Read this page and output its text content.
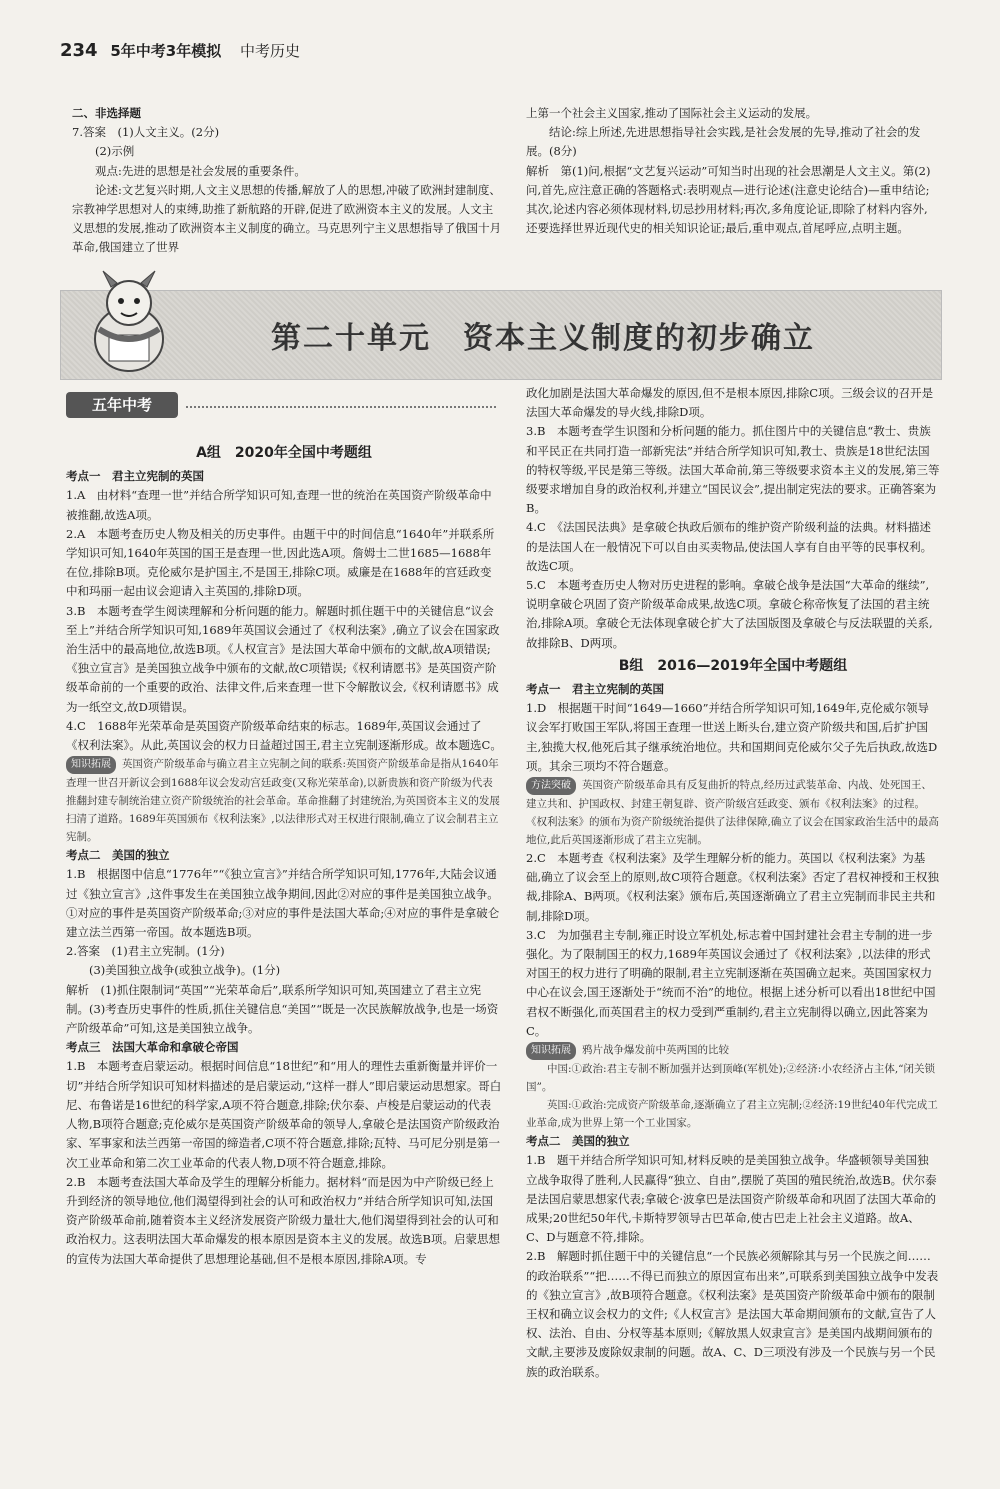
234 5年中考3年模拟 中考历史

二、非选择题

7.答案　(1)人文主义。(2分)

(2)示例

观点:先进的思想是社会发展的重要条件。

论述:文艺复兴时期,人文主义思想的传播,解放了人的思想,冲破了欧洲封建制度、宗教神学思想对人的束缚,助推了新航路的开辟,促进了欧洲资本主义的发展。人文主义思想的发展,推动了欧洲资本主义制度的确立。马克思列宁主义思想指导了俄国十月革命,俄国建立了世界

上第一个社会主义国家,推动了国际社会主义运动的发展。

结论:综上所述,先进思想指导社会实践,是社会发展的先导,推动了社会的发展。(8分)

解析　第(1)问,根据“文艺复兴运动”可知当时出现的社会思潮是人文主义。第(2)问,首先,应注意正确的答题格式:表明观点—进行论述(注意史论结合)—重申结论;其次,论述内容必须体现材料,切忌抄用材料;再次,多角度论证,即除了材料内容外,还要选择世界近现代史的相关知识论证;最后,重申观点,首尾呼应,点明主题。

第二十单元　资本主义制度的初步确立
五年中考
A组　2020年全国中考题组

考点一　君主立宪制的英国

1.A　由材料“查理一世”并结合所学知识可知,查理一世的统治在英国资产阶级革命中被推翻,故选A项。

2.A　本题考查历史人物及相关的历史事件。由题干中的时间信息“1640年”并联系所学知识可知,1640年英国的国王是查理一世,因此选A项。詹姆士二世1685—1688年在位,排除B项。克伦威尔是护国主,不是国王,排除C项。威廉是在1688年的宫廷政变中和玛丽一起由议会迎请入主英国的,排除D项。

3.B　本题考查学生阅读理解和分析问题的能力。解题时抓住题干中的关键信息“议会至上”并结合所学知识可知,1689年英国议会通过了《权利法案》,确立了议会在国家政治生活中的最高地位,故选B项。《人权宣言》是法国大革命中颁布的文献,故A项错误;《独立宣言》是美国独立战争中颁布的文献,故C项错误;《权利请愿书》是英国资产阶级革命前的一个重要的政治、法律文件,后来查理一世下令解散议会,《权利请愿书》成为一纸空文,故D项错误。

4.C　1688年光荣革命是英国资产阶级革命结束的标志。1689年,英国议会通过了《权利法案》。从此,英国议会的权力日益超过国王,君主立宪制逐渐形成。故本题选C。

知识拓展 英国资产阶级革命与确立君主立宪制之间的联系:英国资产阶级革命是指从1640年查理一世召开新议会到1688年议会发动宫廷政变(又称光荣革命),以新贵族和资产阶级为代表推翻封建专制统治建立资产阶级统治的社会革命。革命推翻了封建统治,为英国资本主义的发展扫清了道路。1689年英国颁布《权利法案》,以法律形式对王权进行限制,确立了议会制君主立宪制。

考点二　美国的独立

1.B　根据图中信息“1776年”“《独立宣言》”并结合所学知识可知,1776年,大陆会议通过《独立宣言》,这件事发生在美国独立战争期间,因此②对应的事件是美国独立战争。①对应的事件是英国资产阶级革命;③对应的事件是法国大革命;④对应的事件是拿破仑建立法兰西第一帝国。故本题选B项。

2.答案　(1)君主立宪制。(1分)

(3)美国独立战争(或独立战争)。(1分)

解析　(1)抓住限制词“英国”“光荣革命后”,联系所学知识可知,英国建立了君主立宪制。(3)考查历史事件的性质,抓住关键信息“美国”“既是一次民族解放战争,也是一场资产阶级革命”可知,这是美国独立战争。

考点三　法国大革命和拿破仑帝国

1.B　本题考查启蒙运动。根据时间信息“18世纪”和“用人的理性去重新衡量并评价一切”并结合所学知识可知材料描述的是启蒙运动,“这样一群人”即启蒙运动思想家。哥白尼、布鲁诺是16世纪的科学家,A项不符合题意,排除;伏尔泰、卢梭是启蒙运动的代表人物,B项符合题意;克伦威尔是英国资产阶级革命的领导人,拿破仑是法国资产阶级政治家、军事家和法兰西第一帝国的缔造者,C项不符合题意,排除;瓦特、马可尼分别是第一次工业革命和第二次工业革命的代表人物,D项不符合题意,排除。

2.B　本题考查法国大革命及学生的理解分析能力。据材料“而是因为中产阶级已经上升到经济的领导地位,他们渴望得到社会的认可和政治权力”并结合所学知识可知,法国资产阶级革命前,随着资本主义经济发展资产阶级力量壮大,他们渴望得到社会的认可和政治权力。这表明法国大革命爆发的根本原因是资本主义的发展。故选B项。启蒙思想的宣传为法国大革命提供了思想理论基础,但不是根本原因,排除A项。专

政化加剧是法国大革命爆发的原因,但不是根本原因,排除C项。三级会议的召开是法国大革命爆发的导火线,排除D项。

3.B　本题考查学生识图和分析问题的能力。抓住图片中的关键信息“教士、贵族和平民正在共同打造一部新宪法”并结合所学知识可知,教士、贵族是18世纪法国的特权等级,平民是第三等级。法国大革命前,第三等级要求资本主义的发展,第三等级要求增加自身的政治权利,并建立“国民议会”,提出制定宪法的要求。正确答案为B。

4.C　《法国民法典》是拿破仑执政后颁布的维护资产阶级利益的法典。材料描述的是法国人在一般情况下可以自由买卖物品,使法国人享有自由平等的民事权利。故选C项。

5.C　本题考查历史人物对历史进程的影响。拿破仑战争是法国“大革命的继续”,说明拿破仑巩固了资产阶级革命成果,故选C项。拿破仑称帝恢复了法国的君主统治,排除A项。拿破仑无法体现拿破仑扩大了法国版图及拿破仑与反法联盟的关系,故排除B、D两项。

B组　2016—2019年全国中考题组

考点一　君主立宪制的英国

1.D　根据题干时间“1649—1660”并结合所学知识可知,1649年,克伦威尔领导议会军打败国王军队,将国王查理一世送上断头台,建立资产阶级共和国,后扩护国主,独揽大权,他死后其子继承统治地位。共和国期间克伦威尔父子先后执政,故选D项。其余三项均不符合题意。

方法突破 英国资产阶级革命具有反复曲折的特点,经历过武装革命、内战、处死国王、建立共和、护国政权、封建王朝复辟、资产阶级宫廷政变、颁布《权利法案》的过程。《权利法案》的颁布为资产阶级统治提供了法律保障,确立了议会在国家政治生活中的最高地位,此后英国逐渐形成了君主立宪制。

2.C　本题考查《权利法案》及学生理解分析的能力。英国以《权利法案》为基础,确立了议会至上的原则,故C项符合题意。《权利法案》否定了君权神授和王权独裁,排除A、B两项。《权利法案》颁布后,英国逐渐确立了君主立宪制而非民主共和制,排除D项。

3.C　为加强君主专制,雍正时设立军机处,标志着中国封建社会君主专制的进一步强化。为了限制国王的权力,1689年英国议会通过了《权利法案》,以法律的形式对国王的权力进行了明确的限制,君主立宪制逐渐在英国确立起来。英国国家权力中心在议会,国王逐渐处于“统而不治”的地位。根据上述分析可以看出18世纪中国君权不断强化,而英国君主的权力受到严重制约,君主立宪制得以确立,因此答案为C。

知识拓展 鸦片战争爆发前中英两国的比较

中国:①政治:君主专制不断加强并达到顶峰(军机处);②经济:小农经济占主体,“闭关锁国”。

英国:①政治:完成资产阶级革命,逐渐确立了君主立宪制;②经济:19世纪40年代完成工业革命,成为世界上第一个工业国家。

考点二　美国的独立

1.B　题干并结合所学知识可知,材料反映的是美国独立战争。华盛顿领导美国独立战争取得了胜利,人民赢得“独立、自由”,摆脱了英国的殖民统治,故选B。伏尔泰是法国启蒙思想家代表;拿破仑·波拿巴是法国资产阶级革命和巩固了法国大革命的成果;20世纪50年代,卡斯特罗领导古巴革命,使古巴走上社会主义道路。故A、C、D与题意不符,排除。

2.B　解题时抓住题干中的关键信息“一个民族必须解除其与另一个民族之间……的政治联系”“把……不得已而独立的原因宣布出来”,可联系到美国独立战争中发表的《独立宣言》,故B项符合题意。《权利法案》是英国资产阶级革命中颁布的限制王权和确立议会权力的文件;《人权宣言》是法国大革命期间颁布的文献,宣告了人权、法治、自由、分权等基本原则;《解放黑人奴隶宣言》是美国内战期间颁布的文献,主要涉及废除奴隶制的问题。故A、C、D三项没有涉及一个民族与另一个民族的政治联系。
